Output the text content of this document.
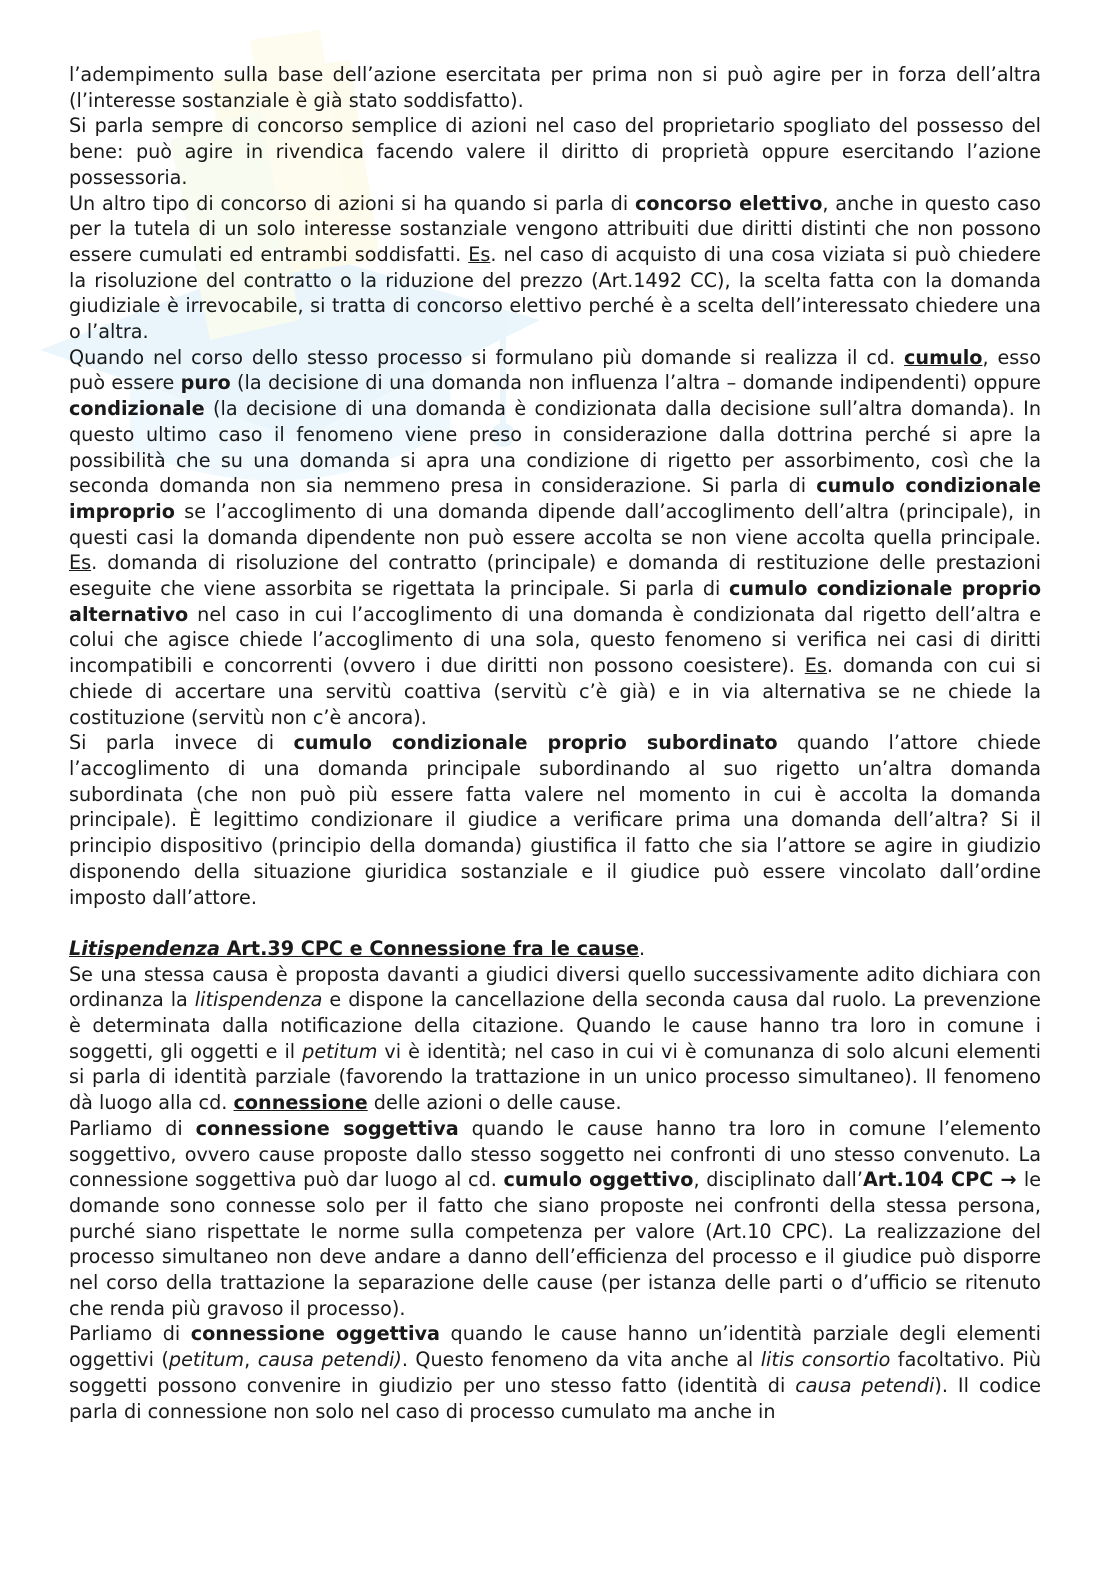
l’adempimento sulla base dell’azione esercitata per prima non si può agire per in forza dell’altra (l’interesse sostanziale è già stato soddisfatto).

Si parla sempre di concorso semplice di azioni nel caso del proprietario spogliato del possesso del bene: può agire in rivendica facendo valere il diritto di proprietà oppure esercitando l’azione possessoria.

Un altro tipo di concorso di azioni si ha quando si parla di concorso elettivo, anche in questo caso per la tutela di un solo interesse sostanziale vengono attribuiti due diritti distinti che non possono essere cumulati ed entrambi soddisfatti. Es. nel caso di acquisto di una cosa viziata si può chiedere la risoluzione del contratto o la riduzione del prezzo (Art.1492 CC), la scelta fatta con la domanda giudiziale è irrevocabile, si tratta di concorso elettivo perché è a scelta dell’interessato chiedere una o l’altra.

Quando nel corso dello stesso processo si formulano più domande si realizza il cd. cumulo, esso può essere puro (la decisione di una domanda non influenza l’altra – domande indipendenti) oppure condizionale (la decisione di una domanda è condizionata dalla decisione sull’altra domanda). In questo ultimo caso il fenomeno viene preso in considerazione dalla dottrina perché si apre la possibilità che su una domanda si apra una condizione di rigetto per assorbimento, così che la seconda domanda non sia nemmeno presa in considerazione. Si parla di cumulo condizionale improprio se l’accoglimento di una domanda dipende dall’accoglimento dell’altra (principale), in questi casi la domanda dipendente non può essere accolta se non viene accolta quella principale. Es. domanda di risoluzione del contratto (principale) e domanda di restituzione delle prestazioni eseguite che viene assorbita se rigettata la principale. Si parla di cumulo condizionale proprio alternativo nel caso in cui l’accoglimento di una domanda è condizionata dal rigetto dell’altra e colui che agisce chiede l’accoglimento di una sola, questo fenomeno si verifica nei casi di diritti incompatibili e concorrenti (ovvero i due diritti non possono coesistere). Es. domanda con cui si chiede di accertare una servitù coattiva (servitù c’è già) e in via alternativa se ne chiede la costituzione (servitù non c’è ancora).

Si parla invece di cumulo condizionale proprio subordinato quando l’attore chiede l’accoglimento di una domanda principale subordinando al suo rigetto un’altra domanda subordinata (che non può più essere fatta valere nel momento in cui è accolta la domanda principale). È legittimo condizionare il giudice a verificare prima una domanda dell’altra? Si il principio dispositivo (principio della domanda) giustifica il fatto che sia l’attore se agire in giudizio disponendo della situazione giuridica sostanziale e il giudice può essere vincolato dall’ordine imposto dall’attore.

Litispendenza Art.39 CPC e Connessione fra le cause.

Se una stessa causa è proposta davanti a giudici diversi quello successivamente adito dichiara con ordinanza la litispendenza e dispone la cancellazione della seconda causa dal ruolo. La prevenzione è determinata dalla notificazione della citazione. Quando le cause hanno tra loro in comune i soggetti, gli oggetti e il petitum vi è identità; nel caso in cui vi è comunanza di solo alcuni elementi si parla di identità parziale (favorendo la trattazione in un unico processo simultaneo). Il fenomeno dà luogo alla cd. connessione delle azioni o delle cause.

Parliamo di connessione soggettiva quando le cause hanno tra loro in comune l’elemento soggettivo, ovvero cause proposte dallo stesso soggetto nei confronti di uno stesso convenuto. La connessione soggettiva può dar luogo al cd. cumulo oggettivo, disciplinato dall’Art.104 CPC → le domande sono connesse solo per il fatto che siano proposte nei confronti della stessa persona, purché siano rispettate le norme sulla competenza per valore (Art.10 CPC). La realizzazione del processo simultaneo non deve andare a danno dell’efficienza del processo e il giudice può disporre nel corso della trattazione la separazione delle cause (per istanza delle parti o d’ufficio se ritenuto che renda più gravoso il processo).

Parliamo di connessione oggettiva quando le cause hanno un’identità parziale degli elementi oggettivi (petitum, causa petendi). Questo fenomeno da vita anche al litis consortio facoltativo. Più soggetti possono convenire in giudizio per uno stesso fatto (identità di causa petendi). Il codice parla di connessione non solo nel caso di processo cumulato ma anche in
